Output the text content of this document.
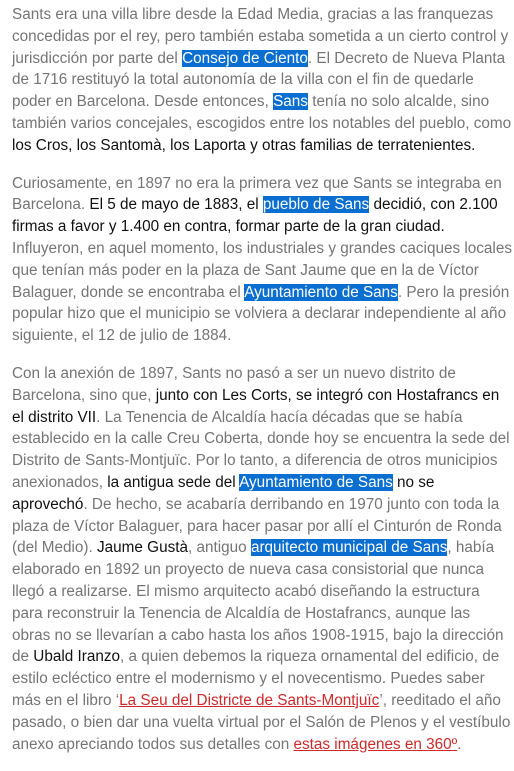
Sants era una villa libre desde la Edad Media, gracias a las franquezas concedidas por el rey, pero también estaba sometida a un cierto control y jurisdicción por parte del Consejo de Ciento. El Decreto de Nueva Planta de 1716 restituyó la total autonomía de la villa con el fin de quedarle poder en Barcelona. Desde entonces, Sans tenía no solo alcalde, sino también varios concejales, escogidos entre los notables del pueblo, como los Cros, los Santomà, los Laporta y otras familias de terratenientes.

Curiosamente, en 1897 no era la primera vez que Sants se integraba en Barcelona. El 5 de mayo de 1883, el pueblo de Sans decidió, con 2.100 firmas a favor y 1.400 en contra, formar parte de la gran ciudad. Influyeron, en aquel momento, los industriales y grandes caciques locales que tenían más poder en la plaza de Sant Jaume que en la de Víctor Balaguer, donde se encontraba el Ayuntamiento de Sans. Pero la presión popular hizo que el municipio se volviera a declarar independiente al año siguiente, el 12 de julio de 1884.

Con la anexión de 1897, Sants no pasó a ser un nuevo distrito de Barcelona, sino que, junto con Les Corts, se integró con Hostafrancs en el distrito VII. La Tenencia de Alcaldía hacía décadas que se había establecido en la calle Creu Coberta, donde hoy se encuentra la sede del Distrito de Sants-Montjuïc. Por lo tanto, a diferencia de otros municipios anexionados, la antigua sede del Ayuntamiento de Sans no se aprovechó. De hecho, se acabaría derribando en 1970 junto con toda la plaza de Víctor Balaguer, para hacer pasar por allí el Cinturón de Ronda (del Medio). Jaume Gustà, antiguo arquitecto municipal de Sans, había elaborado en 1892 un proyecto de nueva casa consistorial que nunca llegó a realizarse. El mismo arquitecto acabó diseñando la estructura para reconstruir la Tenencia de Alcaldía de Hostafrancs, aunque las obras no se llevarían a cabo hasta los años 1908-1915, bajo la dirección de Ubald Iranzo, a quien debemos la riqueza ornamental del edificio, de estilo ecléctico entre el modernismo y el novecentismo. Puedes saber más en el libro ‘La Seu del Districte de Sants-Montjuïc’, reeditado el año pasado, o bien dar una vuelta virtual por el Salón de Plenos y el vestíbulo anexo apreciando todos sus detalles con estas imágenes en 360º.
